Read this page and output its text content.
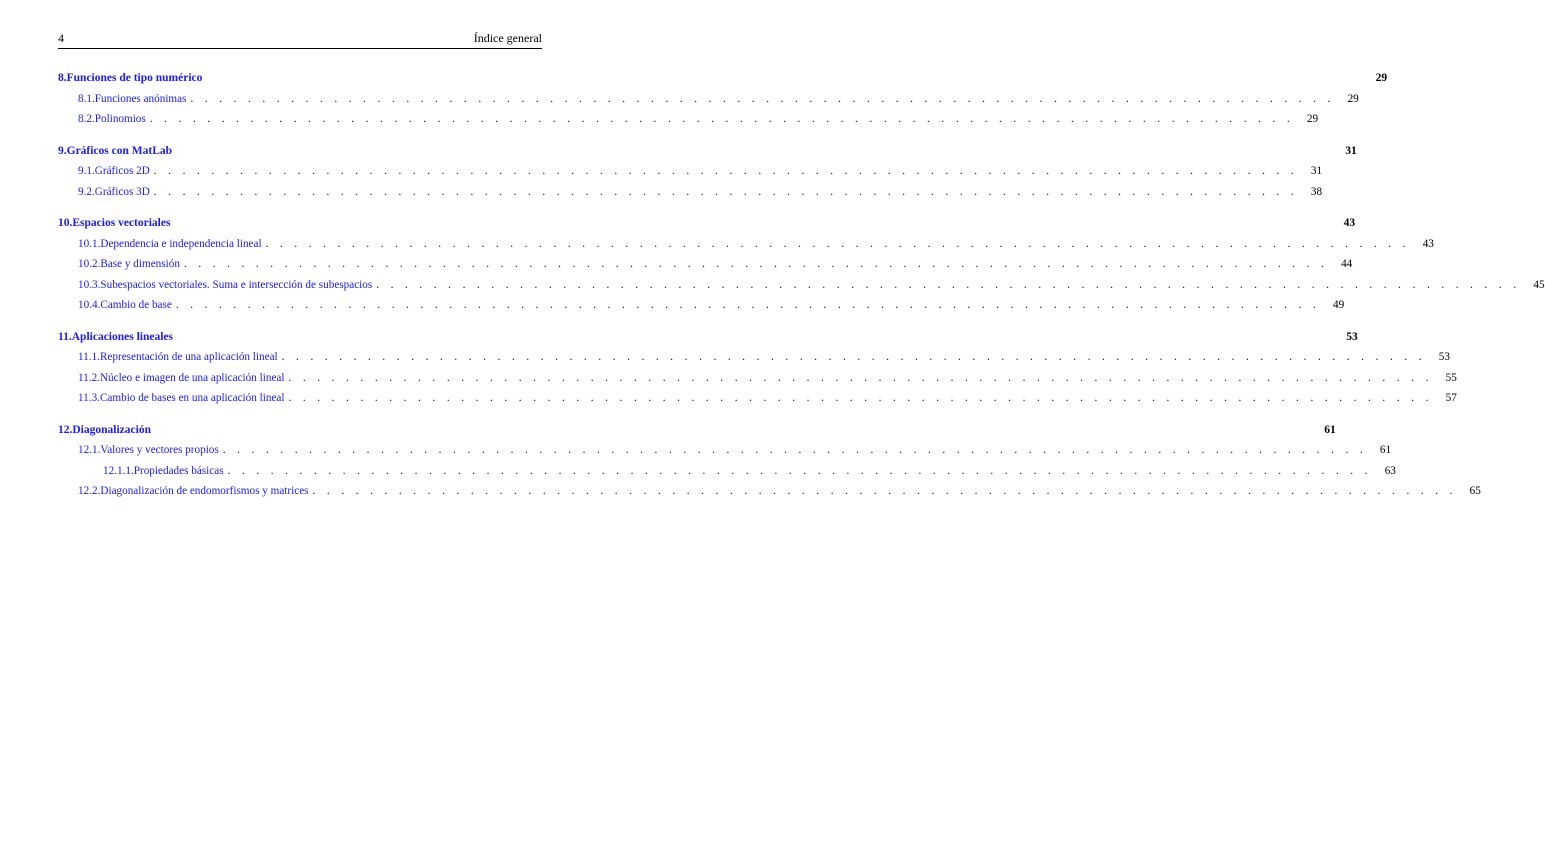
4	Índice general
8. Funciones de tipo numérico	29
8.1. Funciones anónimas . . . . . . . . . . . . . . . . . . . . . . . . . . . . . . . . . . . . . . . . . . . . . . . . . . . . . . . . . . . . . . . . . . . . . . . . . . . . . . . .	29
8.2. Polinomios . . . . . . . . . . . . . . . . . . . . . . . . . . . . . . . . . . . . . . . . . . . . . . . . . . . . . . . . . . . . . . . . . . . . . . . . . . . . . . . .	29
9. Gráficos con MatLab	31
9.1. Gráficos 2D . . . . . . . . . . . . . . . . . . . . . . . . . . . . . . . . . . . . . . . . . . . . . . . . . . . . . . . . . . . . . . . . . . . . . . . . . . . . . . . .	31
9.2. Gráficos 3D . . . . . . . . . . . . . . . . . . . . . . . . . . . . . . . . . . . . . . . . . . . . . . . . . . . . . . . . . . . . . . . . . . . . . . . . . . . . . . . .	38
10. Espacios vectoriales	43
10.1. Dependencia e independencia lineal . . . . . . . . . . . . . . . . . . . . . . . . . . . . . . . . . . . . . . . . . . . . . . . . . . . . . . . . . . . . . . . . . . . . . . . . . . . . . . . .	43
10.2. Base y dimensión . . . . . . . . . . . . . . . . . . . . . . . . . . . . . . . . . . . . . . . . . . . . . . . . . . . . . . . . . . . . . . . . . . . . . . . . . . . . . . . .	44
10.3. Subespacios vectoriales. Suma e intersección de subespacios . . . . . . . . . . . . . . . . . . . . . . . . . . . . . . . . . . . . . . . . . . . . . . . . . . . . . . . . . . . . . . . . . . . . . . . . . . . . . . . .	45
10.4. Cambio de base . . . . . . . . . . . . . . . . . . . . . . . . . . . . . . . . . . . . . . . . . . . . . . . . . . . . . . . . . . . . . . . . . . . . . . . . . . . . . . . .	49
11. Aplicaciones lineales	53
11.1. Representación de una aplicación lineal . . . . . . . . . . . . . . . . . . . . . . . . . . . . . . . . . . . . . . . . . . . . . . . . . . . . . . . . . . . . . . . . . . . . . . . . . . . . . . . .	53
11.2. Núcleo e imagen de una aplicación lineal . . . . . . . . . . . . . . . . . . . . . . . . . . . . . . . . . . . . . . . . . . . . . . . . . . . . . . . . . . . . . . . . . . . . . . . . . . . . . . . .	55
11.3. Cambio de bases en una aplicación lineal . . . . . . . . . . . . . . . . . . . . . . . . . . . . . . . . . . . . . . . . . . . . . . . . . . . . . . . . . . . . . . . . . . . . . . . . . . . . . . . .	57
12. Diagonalización	61
12.1. Valores y vectores propios . . . . . . . . . . . . . . . . . . . . . . . . . . . . . . . . . . . . . . . . . . . . . . . . . . . . . . . . . . . . . . . . . . . . . . . . . . . . . . . .	61
12.1.1. Propiedades básicas . . . . . . . . . . . . . . . . . . . . . . . . . . . . . . . . . . . . . . . . . . . . . . . . . . . . . . . . . . . . . . . . . . . . . . . . . . . . . . . .	63
12.2. Diagonalización de endomorfismos y matrices . . . . . . . . . . . . . . . . . . . . . . . . . . . . . . . . . . . . . . . . . . . . . . . . . . . . . . . . . . . . . . . . . . . . . . . . . . . . . . . .	65
